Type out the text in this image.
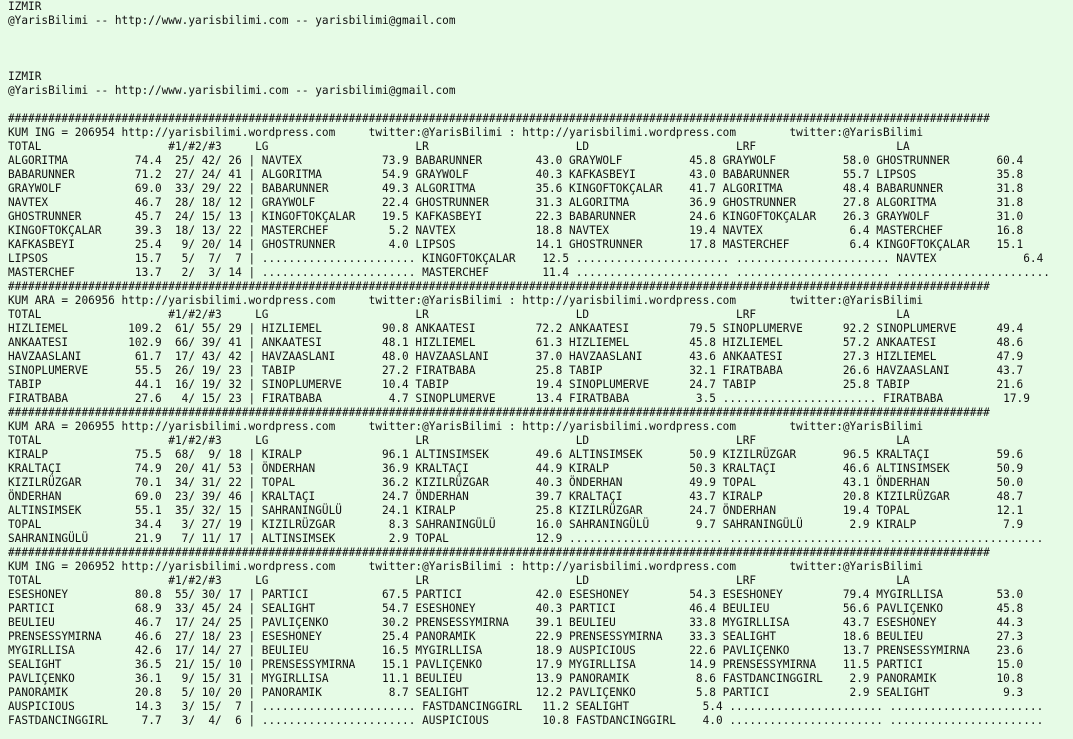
IZMIR
@YarisBilimi -- http://www.yarisbilimi.com -- yarisbilimi@gmail.com
IZMIR
@YarisBilimi -- http://www.yarisbilimi.com -- yarisbilimi@gmail.com
###################################################################################################################################################
KUM ING = 206954 http://yarisbilimi.wordpress.com     twitter:@YarisBilimi : http://yarisbilimi.wordpress.com        twitter:@YarisBilimi
TOTAL                   #1/#2/#3     LG                      LR                      LD                      LRF                     LA
ALGORITMA          74.4  25/ 42/ 26 | NAVTEX            73.9 BABARUNNER        43.0 GRAYWOLF          45.8 GRAYWOLF          58.0 GHOSTRUNNER       60.4
BABARUNNER         71.2  27/ 24/ 41 | ALGORITMA         54.9 GRAYWOLF          40.3 KAFKASBEYI        43.0 BABARUNNER        55.7 LIPSOS            35.8
GRAYWOLF           69.0  33/ 29/ 22 | BABARUNNER        49.3 ALGORITMA         35.6 KINGOFTOKÇALAR    41.7 ALGORITMA         48.4 BABARUNNER        31.8
NAVTEX             46.7  28/ 18/ 12 | GRAYWOLF          22.4 GHOSTRUNNER       31.3 ALGORITMA         36.9 GHOSTRUNNER       27.8 ALGORITMA         31.8
GHOSTRUNNER        45.7  24/ 15/ 13 | KINGOFTOKÇALAR    19.5 KAFKASBEYI        22.3 BABARUNNER        24.6 KINGOFTOKÇALAR    26.3 GRAYWOLF          31.0
KINGOFTOKÇALAR     39.3  18/ 13/ 22 | MASTERCHEF         5.2 NAVTEX            18.8 NAVTEX            19.4 NAVTEX             6.4 MASTERCHEF        16.8
KAFKASBEYI         25.4   9/ 20/ 14 | GHOSTRUNNER        4.0 LIPSOS            14.1 GHOSTRUNNER       17.8 MASTERCHEF         6.4 KINGOFTOKÇALAR    15.1
LIPSOS             15.7   5/  7/  7 | ....................... KINGOFTOKÇALAR    12.5 ....................... ....................... NAVTEX             6.4
MASTERCHEF         13.7   2/  3/ 14 | ....................... MASTERCHEF        11.4 ....................... ....................... .......................
###################################################################################################################################################
KUM ARA = 206956 http://yarisbilimi.wordpress.com     twitter:@YarisBilimi : http://yarisbilimi.wordpress.com        twitter:@YarisBilimi
TOTAL                   #1/#2/#3     LG                      LR                      LD                      LRF                     LA
HIZLIEMEL         109.2  61/ 55/ 29 | HIZLIEMEL         90.8 ANKAATESI         72.2 ANKAATESI         79.5 SINOPLUMERVE      92.2 SINOPLUMERVE      49.4
ANKAATESI         102.9  66/ 39/ 41 | ANKAATESI         48.1 HIZLIEMEL         61.3 HIZLIEMEL         45.8 HIZLIEMEL         57.2 ANKAATESI         48.6
HAVZAASLANI        61.7  17/ 43/ 42 | HAVZAASLANI       48.0 HAVZAASLANI       37.0 HAVZAASLANI       43.6 ANKAATESI         27.3 HIZLIEMEL         47.9
SINOPLUMERVE       55.5  26/ 19/ 23 | TABIP             27.2 FIRATBABA         25.8 TABIP             32.1 FIRATBABA         26.6 HAVZAASLANI       43.7
TABIP              44.1  16/ 19/ 32 | SINOPLUMERVE      10.4 TABIP             19.4 SINOPLUMERVE      24.7 TABIP             25.8 TABIP             21.6
FIRATBABA          27.6   4/ 15/ 23 | FIRATBABA          4.7 SINOPLUMERVE      13.4 FIRATBABA          3.5 ....................... FIRATBABA         17.9
###################################################################################################################################################
KUM ARA = 206955 http://yarisbilimi.wordpress.com     twitter:@YarisBilimi : http://yarisbilimi.wordpress.com        twitter:@YarisBilimi
TOTAL                   #1/#2/#3     LG                      LR                      LD                      LRF                     LA
KIRALP             75.5  68/  9/ 18 | KIRALP            96.1 ALTINSIMSEK       49.6 ALTINSIMSEK       50.9 KIZILRÜZGAR       96.5 KRALTAÇI          59.6
KRALTAÇI           74.9  20/ 41/ 53 | ÖNDERHAN          36.9 KRALTAÇI          44.9 KIRALP            50.3 KRALTAÇI          46.6 ALTINSIMSEK       50.9
KIZILRÜZGAR        70.1  34/ 31/ 22 | TOPAL             36.2 KIZILRÜZGAR       40.3 ÖNDERHAN          49.9 TOPAL             43.1 ÖNDERHAN          50.0
ÖNDERHAN           69.0  23/ 39/ 46 | KRALTAÇI          24.7 ÖNDERHAN          39.7 KRALTAÇI          43.7 KIRALP            20.8 KIZILRÜZGAR       48.7
ALTINSIMSEK        55.1  35/ 32/ 15 | SAHRANINGÜLÜ      24.1 KIRALP            25.8 KIZILRÜZGAR       24.7 ÖNDERHAN          19.4 TOPAL             12.1
TOPAL              34.4   3/ 27/ 19 | KIZILRÜZGAR        8.3 SAHRANINGÜLÜ      16.0 SAHRANINGÜLÜ       9.7 SAHRANINGÜLÜ       2.9 KIRALP             7.9
SAHRANINGÜLÜ       21.9   7/ 11/ 17 | ALTINSIMSEK        2.9 TOPAL             12.9 ....................... ....................... .......................
###################################################################################################################################################
KUM ING = 206952 http://yarisbilimi.wordpress.com     twitter:@YarisBilimi : http://yarisbilimi.wordpress.com        twitter:@YarisBilimi
TOTAL                   #1/#2/#3     LG                      LR                      LD                      LRF                     LA
ESESHONEY          80.8  55/ 30/ 17 | PARTICI           67.5 PARTICI           42.0 ESESHONEY         54.3 ESESHONEY         79.4 MYGIRLLISA        53.0
PARTICI            68.9  33/ 45/ 24 | SEALIGHT          54.7 ESESHONEY         40.3 PARTICI           46.4 BEULIEU           56.6 PAVLIÇENKO        45.8
BEULIEU            46.7  17/ 24/ 25 | PAVLIÇENKO        30.2 PRENSESSYMIRNA    39.1 BEULIEU           33.8 MYGIRLLISA        43.7 ESESHONEY         44.3
PRENSESSYMIRNA     46.6  27/ 18/ 23 | ESESHONEY         25.4 PANORAMIK         22.9 PRENSESSYMIRNA    33.3 SEALIGHT          18.6 BEULIEU           27.3
MYGIRLLISA         42.6  17/ 14/ 27 | BEULIEU           16.5 MYGIRLLISA        18.9 AUSPICIOUS        22.6 PAVLIÇENKO        13.7 PRENSESSYMIRNA    23.6
SEALIGHT           36.5  21/ 15/ 10 | PRENSESSYMIRNA    15.1 PAVLIÇENKO        17.9 MYGIRLLISA        14.9 PRENSESSYMIRNA    11.5 PARTICI           15.0
PAVLIÇENKO         36.1   9/ 15/ 31 | MYGIRLLISA        11.1 BEULIEU           13.9 PANORAMIK          8.6 FASTDANCINGGIRL    2.9 PANORAMIK         10.8
PANORAMIK          20.8   5/ 10/ 20 | PANORAMIK          8.7 SEALIGHT          12.2 PAVLIÇENKO         5.8 PARTICI            2.9 SEALIGHT           9.3
AUSPICIOUS         14.3   3/ 15/  7 | ....................... FASTDANCINGGIRL   11.2 SEALIGHT           5.4 ....................... .......................
FASTDANCINGGIRL     7.7   3/  4/  6 | ....................... AUSPICIOUS        10.8 FASTDANCINGGIRL    4.0 ....................... .......................
